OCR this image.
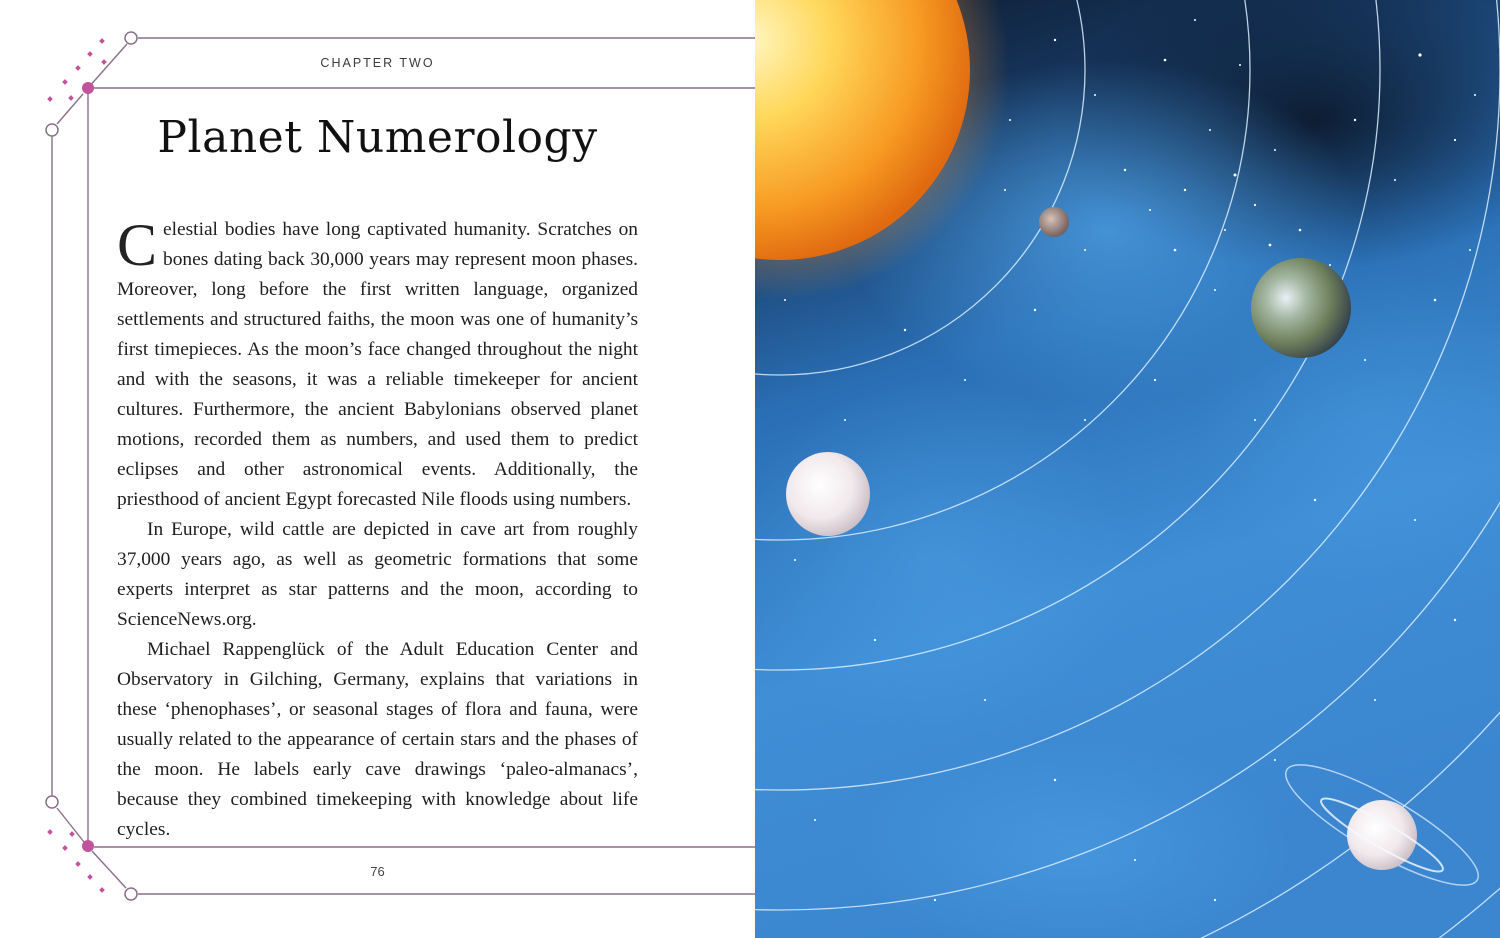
CHAPTER TWO
Planet Numerology

Celestial bodies have long captivated humanity. Scratches on bones dating back 30,000 years may represent moon phases. Moreover, long before the first written language, organized settlements and structured faiths, the moon was one of humanity’s first timepieces. As the moon’s face changed throughout the night and with the seasons, it was a reliable timekeeper for ancient cultures. Furthermore, the ancient Babylonians observed planet motions, recorded them as numbers, and used them to predict eclipses and other astronomical events. Additionally, the priesthood of ancient Egypt forecasted Nile floods using numbers.

In Europe, wild cattle are depicted in cave art from roughly 37,000 years ago, as well as geometric formations that some experts interpret as star patterns and the moon, according to ScienceNews.org.

Michael Rappenglück of the Adult Education Center and Observatory in Gilching, Germany, explains that variations in these ‘phenophases’, or seasonal stages of flora and fauna, were usually related to the appearance of certain stars and the phases of the moon. He labels early cave drawings ‘paleo-almanacs’, because they combined timekeeping with knowledge about life cycles.

76
